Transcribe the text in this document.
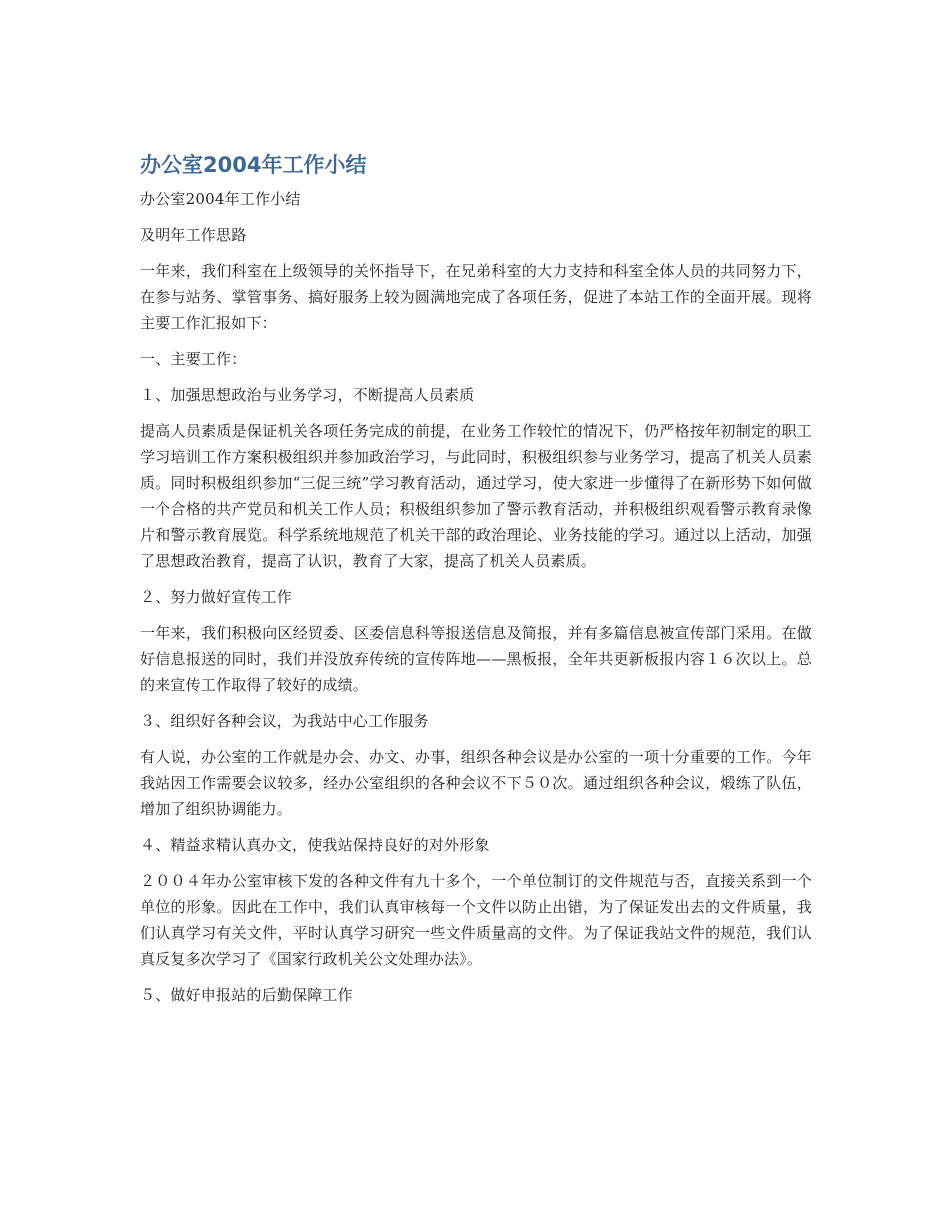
办公室2004年工作小结

办公室2004年工作小结

及明年工作思路

一年来，我们科室在上级领导的关怀指导下，在兄弟科室的大力支持和科室全体人员的共同努力下，在参与站务、掌管事务、搞好服务上较为圆满地完成了各项任务，促进了本站工作的全面开展。现将主要工作汇报如下：

一、主要工作：

１、加强思想政治与业务学习，不断提高人员素质

提高人员素质是保证机关各项任务完成的前提，在业务工作较忙的情况下，仍严格按年初制定的职工学习培训工作方案积极组织并参加政治学习，与此同时，积极组织参与业务学习，提高了机关人员素质。同时积极组织参加“三促三统”学习教育活动，通过学习，使大家进一步懂得了在新形势下如何做一个合格的共产党员和机关工作人员；积极组织参加了警示教育活动，并积极组织观看警示教育录像片和警示教育展览。科学系统地规范了机关干部的政治理论、业务技能的学习。通过以上活动，加强了思想政治教育，提高了认识，教育了大家，提高了机关人员素质。

２、努力做好宣传工作

一年来，我们积极向区经贸委、区委信息科等报送信息及简报，并有多篇信息被宣传部门采用。在做好信息报送的同时，我们并没放弃传统的宣传阵地——黑板报，全年共更新板报内容１６次以上。总的来宣传工作取得了较好的成绩。

３、组织好各种会议，为我站中心工作服务

有人说，办公室的工作就是办会、办文、办事，组织各种会议是办公室的一项十分重要的工作。今年我站因工作需要会议较多，经办公室组织的各种会议不下５０次。通过组织各种会议，煅练了队伍，增加了组织协调能力。

４、精益求精认真办文，使我站保持良好的对外形象

２００４年办公室审核下发的各种文件有九十多个，一个单位制订的文件规范与否，直接关系到一个单位的形象。因此在工作中，我们认真审核每一个文件以防止出错，为了保证发出去的文件质量，我们认真学习有关文件，平时认真学习研究一些文件质量高的文件。为了保证我站文件的规范，我们认真反复多次学习了《国家行政机关公文处理办法》。

５、做好申报站的后勤保障工作
